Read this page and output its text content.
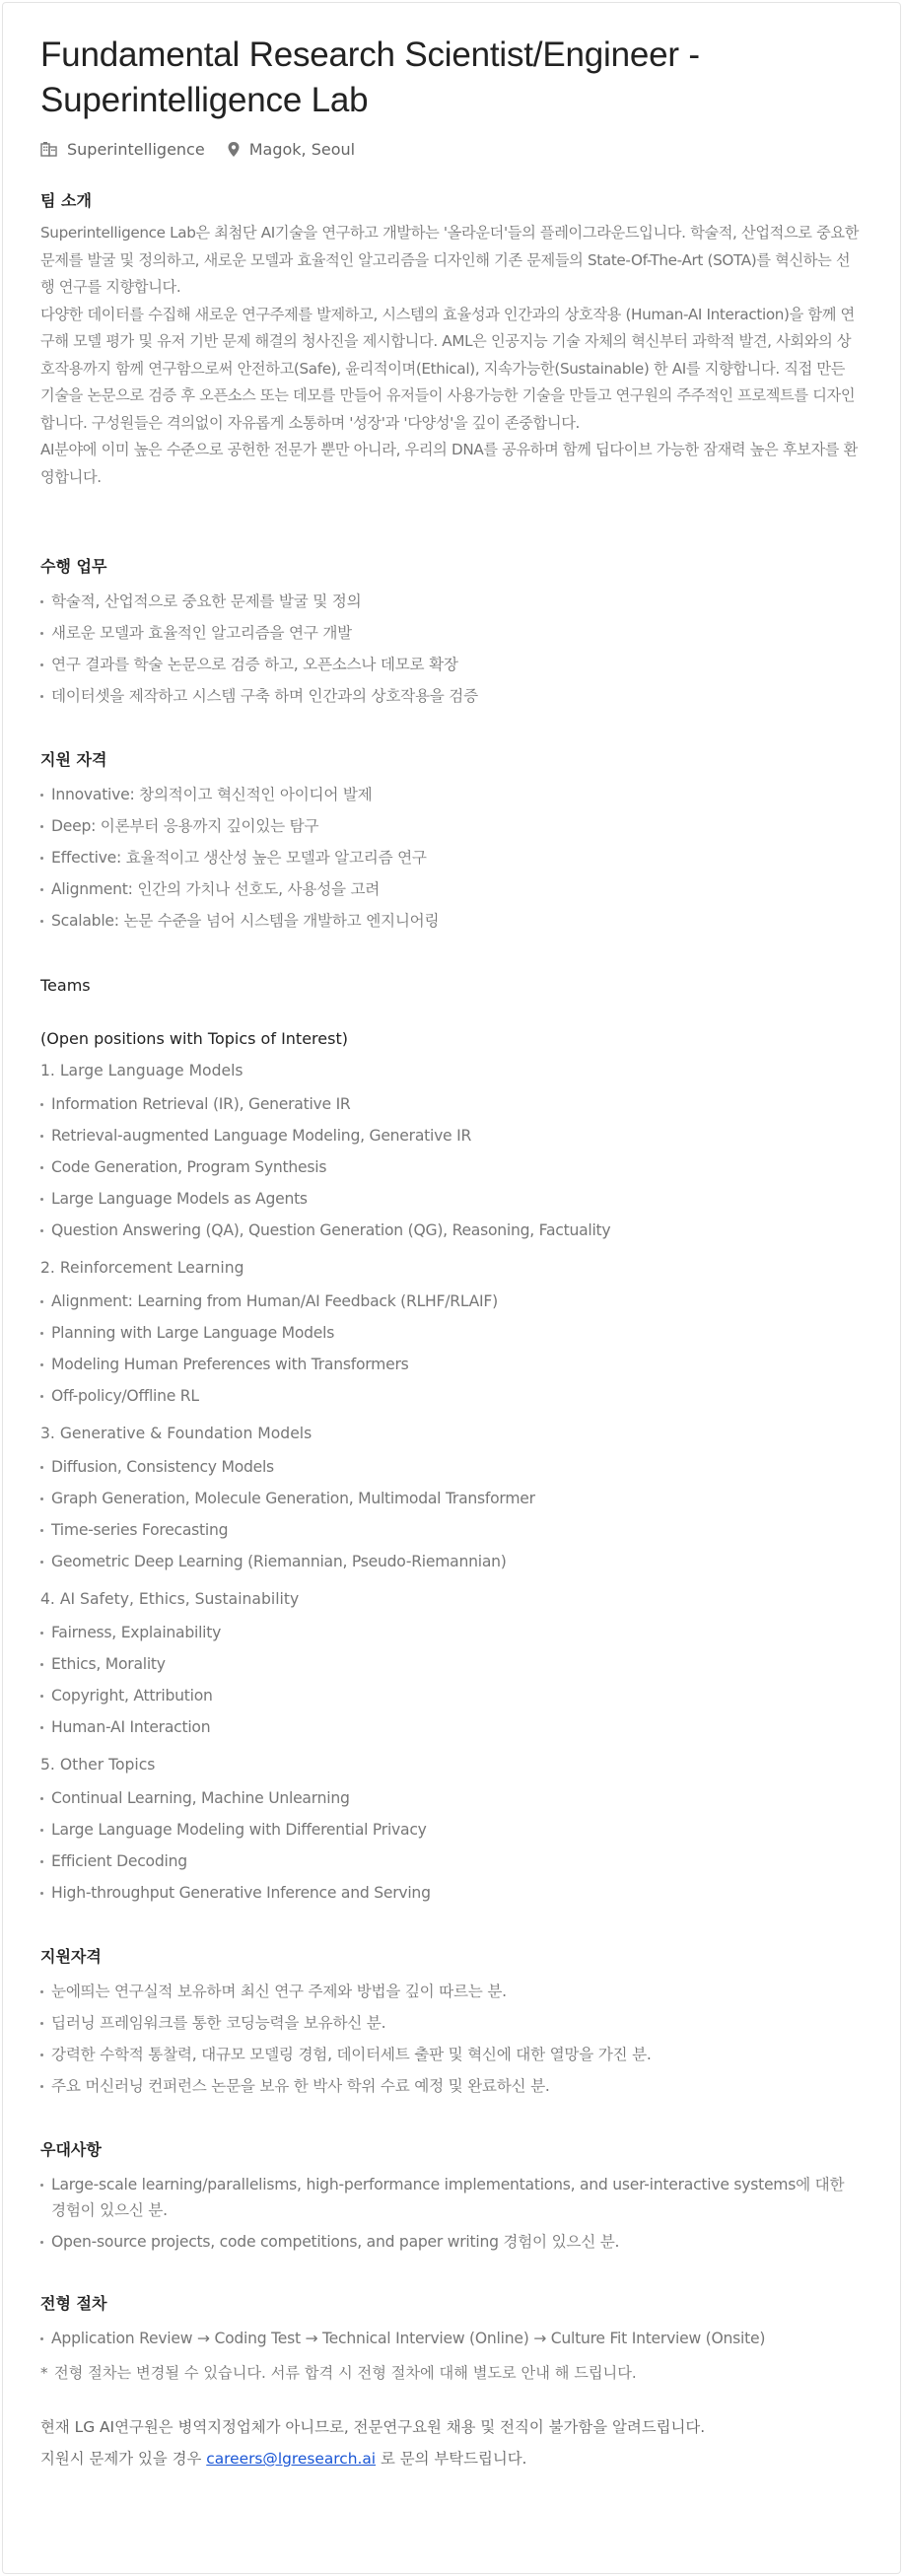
Fundamental Research Scientist/Engineer - Superintelligence Lab
Superintelligence	Magok, Seoul
팀 소개

Superintelligence Lab은 최첨단 AI기술을 연구하고 개발하는 '올라운더'들의 플레이그라운드입니다. 학술적, 산업적으로 중요한 문제를 발굴 및 정의하고, 새로운 모델과 효율적인 알고리즘을 디자인해 기존 문제들의 State-Of-The-Art (SOTA)를 혁신하는 선행 연구를 지향합니다.

다양한 데이터를 수집해 새로운 연구주제를 발제하고, 시스템의 효율성과 인간과의 상호작용 (Human-AI Interaction)을 함께 연구해 모델 평가 및 유저 기반 문제 해결의 청사진을 제시합니다. AML은 인공지능 기술 자체의 혁신부터 과학적 발견, 사회와의 상호작용까지 함께 연구함으로써 안전하고(Safe), 윤리적이며(Ethical), 지속가능한(Sustainable) 한 AI를 지향합니다. 직접 만든 기술을 논문으로 검증 후 오픈소스 또는 데모를 만들어 유저들이 사용가능한 기술을 만들고 연구원의 주주적인 프로젝트를 디자인합니다. 구성원들은 격의없이 자유롭게 소통하며 '성장'과 '다양성'을 깊이 존중합니다.

AI분야에 이미 높은 수준으로 공헌한 전문가 뿐만 아니라, 우리의 DNA를 공유하며 함께 딥다이브 가능한 잠재력 높은 후보자를 환영합니다.

수행 업무
학술적, 산업적으로 중요한 문제를 발굴 및 정의
새로운 모델과 효율적인 알고리즘을 연구 개발
연구 결과를 학술 논문으로 검증 하고, 오픈소스나 데모로 확장
데이터셋을 제작하고 시스템 구축 하며 인간과의 상호작용을 검증
지원 자격
Innovative: 창의적이고 혁신적인 아이디어 발제
Deep: 이론부터 응용까지 깊이있는 탐구
Effective: 효율적이고 생산성 높은 모델과 알고리즘 연구
Alignment: 인간의 가치나 선호도, 사용성을 고려
Scalable: 논문 수준을 넘어 시스템을 개발하고 엔지니어링
Teams
(Open positions with Topics of Interest)
1. Large Language Models
Information Retrieval (IR), Generative IR
Retrieval-augmented Language Modeling, Generative IR
Code Generation, Program Synthesis
Large Language Models as Agents
Question Answering (QA), Question Generation (QG), Reasoning, Factuality
2. Reinforcement Learning
Alignment: Learning from Human/AI Feedback (RLHF/RLAIF)
Planning with Large Language Models
Modeling Human Preferences with Transformers
Off-policy/Offline RL
3. Generative & Foundation Models
Diffusion, Consistency Models
Graph Generation, Molecule Generation, Multimodal Transformer
Time-series Forecasting
Geometric Deep Learning (Riemannian, Pseudo-Riemannian)
4. AI Safety, Ethics, Sustainability
Fairness, Explainability
Ethics, Morality
Copyright, Attribution
Human-AI Interaction
5. Other Topics
Continual Learning, Machine Unlearning
Large Language Modeling with Differential Privacy
Efficient Decoding
High-throughput Generative Inference and Serving
지원자격
눈에띄는 연구실적 보유하며 최신 연구 주제와 방법을 깊이 따르는 분.
딥러닝 프레임워크를 통한 코딩능력을 보유하신 분.
강력한 수학적 통찰력, 대규모 모델링 경험, 데이터세트 출판 및 혁신에 대한 열망을 가진 분.
주요 머신러닝 컨퍼런스 논문을 보유 한 박사 학위 수료 예정 및 완료하신 분.
우대사항
Large-scale learning/parallelisms, high-performance implementations, and user-interactive systems에 대한 경험이 있으신 분.
Open-source projects, code competitions, and paper writing 경험이 있으신 분.
전형 절차
Application Review → Coding Test → Technical Interview (Online) → Culture Fit Interview (Onsite)
* 전형 절차는 변경될 수 있습니다. 서류 합격 시 전형 절차에 대해 별도로 안내 해 드립니다.
현재 LG AI연구원은 병역지정업체가 아니므로, 전문연구요원 채용 및 전직이 불가함을 알려드립니다.
지원시 문제가 있을 경우 careers@lgresearch.ai 로 문의 부탁드립니다.
